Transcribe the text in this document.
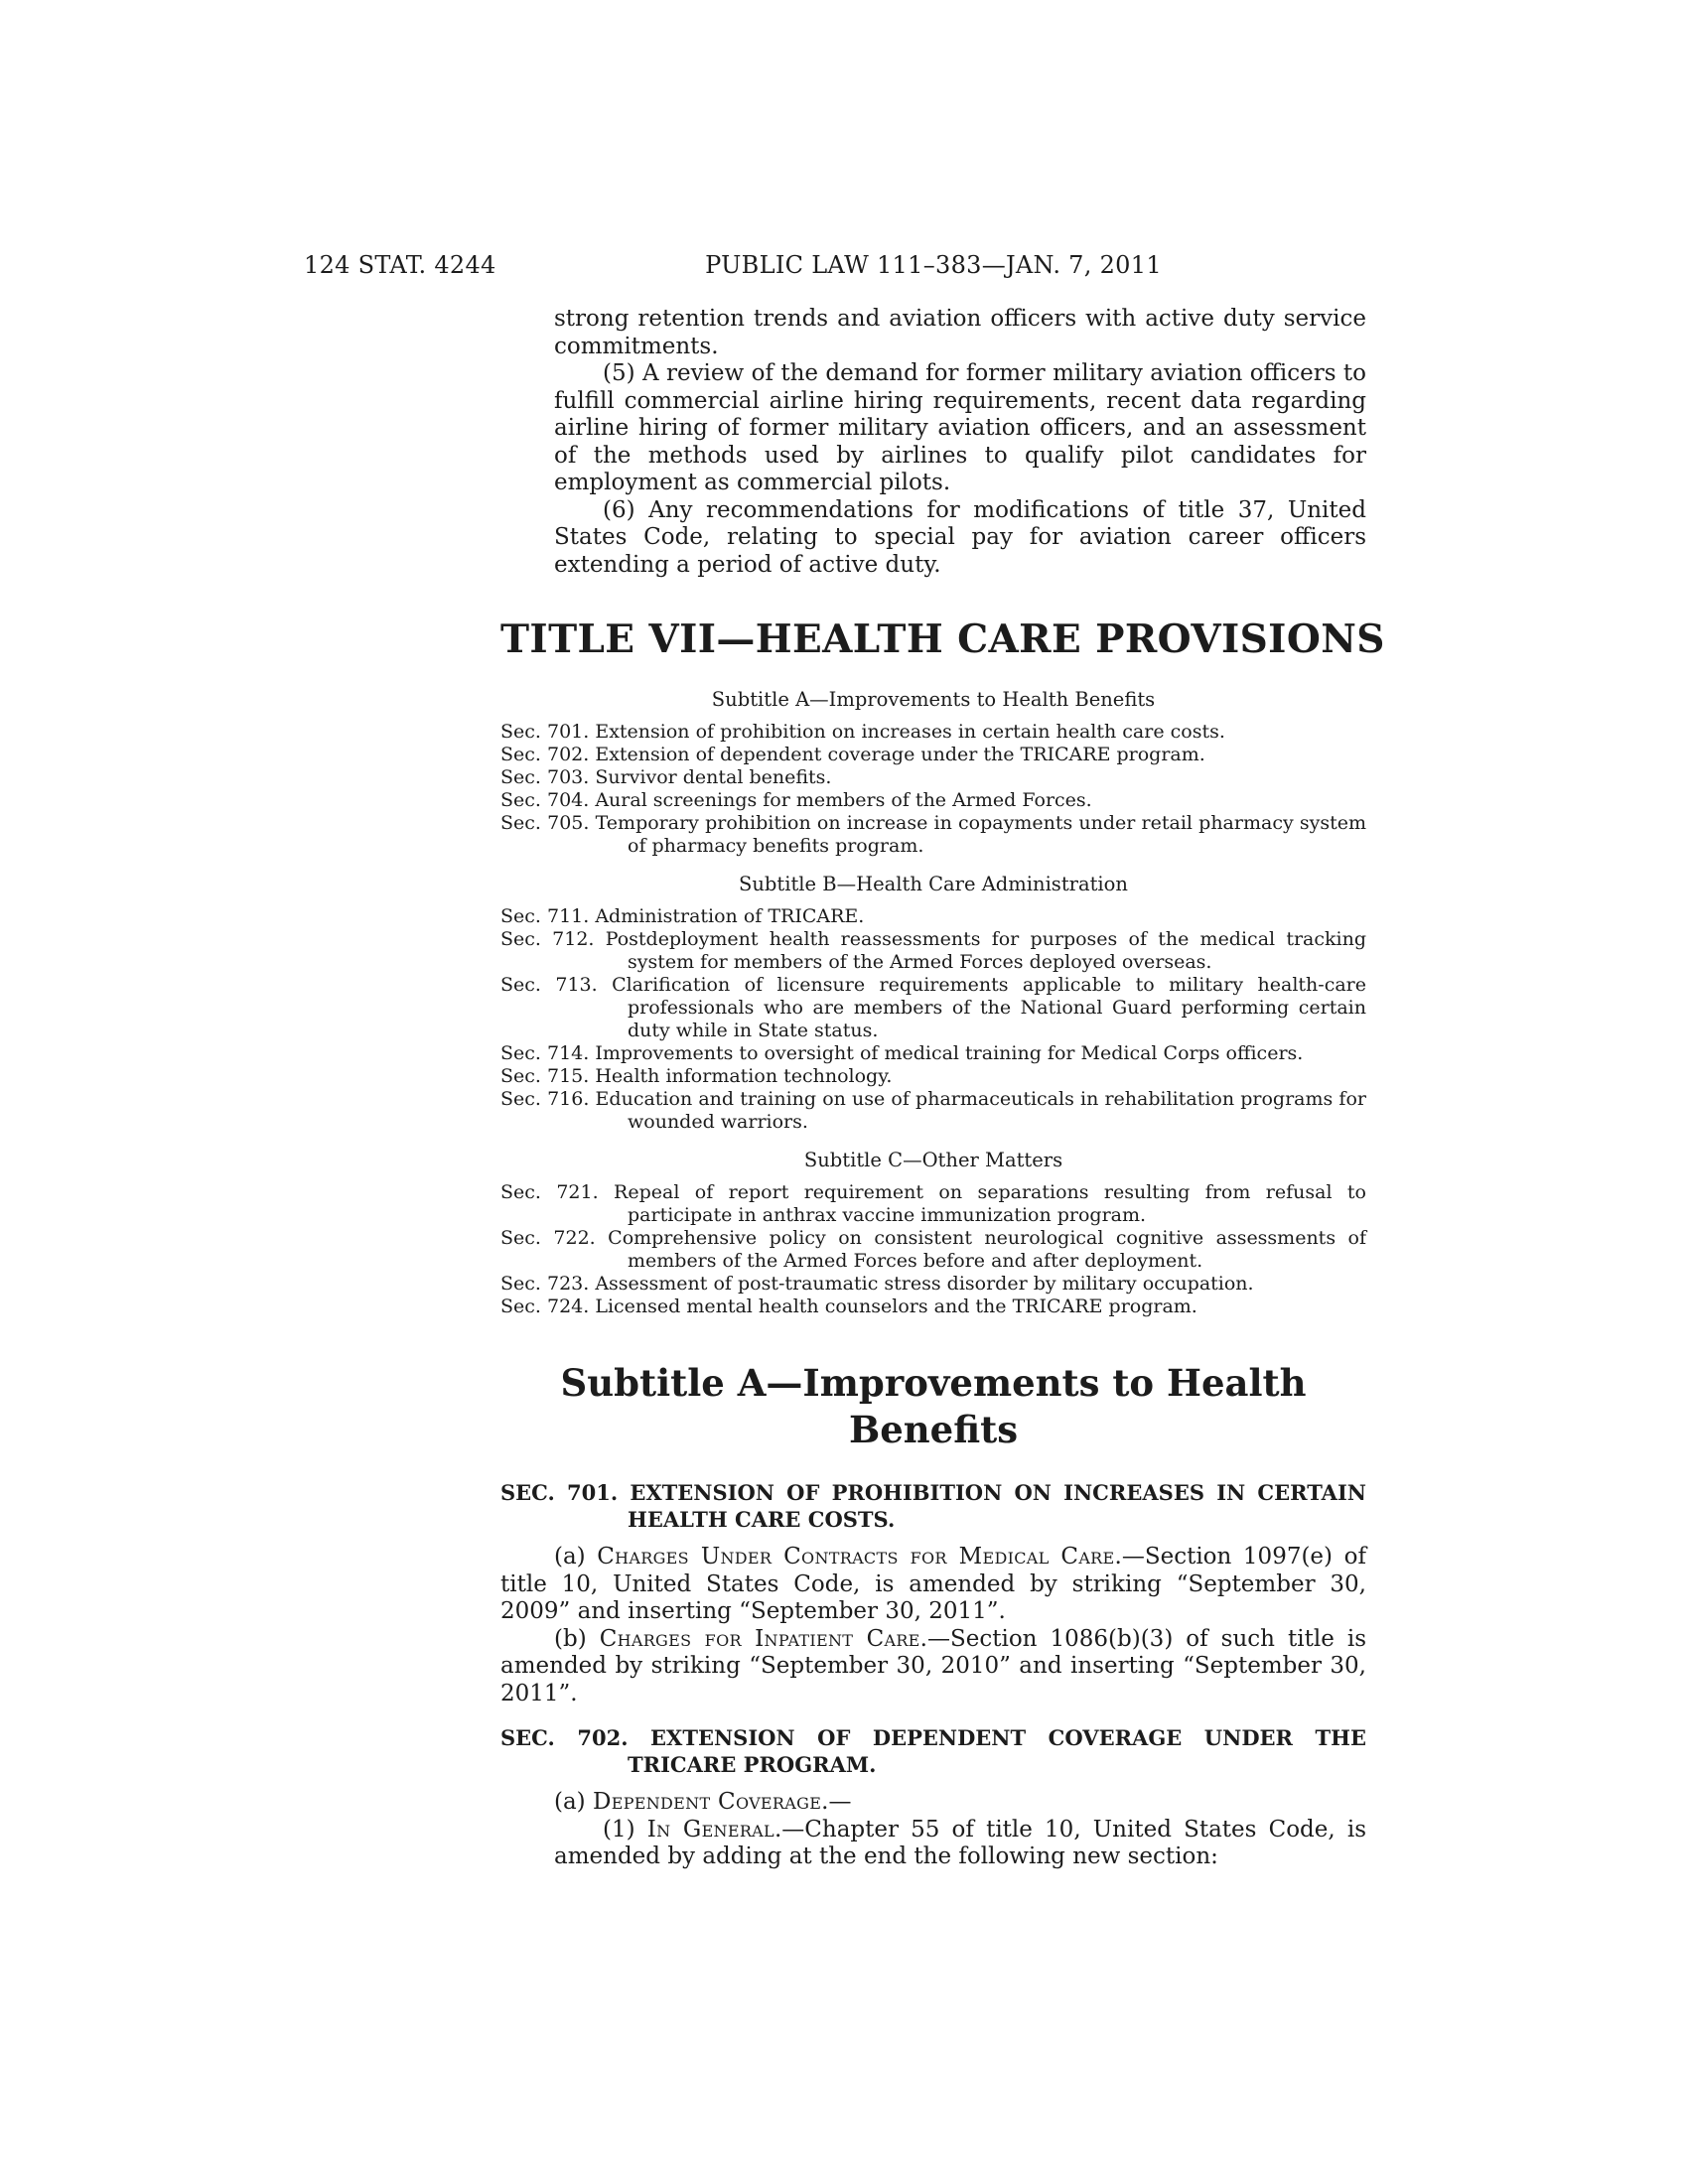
124 STAT. 4244	PUBLIC LAW 111–383—JAN. 7, 2011

strong retention trends and aviation officers with active duty service commitments.

(5) A review of the demand for former military aviation officers to fulfill commercial airline hiring requirements, recent data regarding airline hiring of former military aviation officers, and an assessment of the methods used by airlines to qualify pilot candidates for employment as commercial pilots.

(6) Any recommendations for modifications of title 37, United States Code, relating to special pay for aviation career officers extending a period of active duty.

TITLE VII—HEALTH CARE PROVISIONS
Subtitle A—Improvements to Health Benefits
Sec. 701. Extension of prohibition on increases in certain health care costs.
Sec. 702. Extension of dependent coverage under the TRICARE program.
Sec. 703. Survivor dental benefits.
Sec. 704. Aural screenings for members of the Armed Forces.
Sec. 705. Temporary prohibition on increase in copayments under retail pharmacy system of pharmacy benefits program.
Subtitle B—Health Care Administration
Sec. 711. Administration of TRICARE.
Sec. 712. Postdeployment health reassessments for purposes of the medical tracking system for members of the Armed Forces deployed overseas.
Sec. 713. Clarification of licensure requirements applicable to military health-care professionals who are members of the National Guard performing certain duty while in State status.
Sec. 714. Improvements to oversight of medical training for Medical Corps officers.
Sec. 715. Health information technology.
Sec. 716. Education and training on use of pharmaceuticals in rehabilitation programs for wounded warriors.
Subtitle C—Other Matters
Sec. 721. Repeal of report requirement on separations resulting from refusal to participate in anthrax vaccine immunization program.
Sec. 722. Comprehensive policy on consistent neurological cognitive assessments of members of the Armed Forces before and after deployment.
Sec. 723. Assessment of post-traumatic stress disorder by military occupation.
Sec. 724. Licensed mental health counselors and the TRICARE program.
Subtitle A—Improvements to Health Benefits
SEC. 701. EXTENSION OF PROHIBITION ON INCREASES IN CERTAIN HEALTH CARE COSTS.

(a) Charges Under Contracts for Medical Care.—Section 1097(e) of title 10, United States Code, is amended by striking “September 30, 2009” and inserting “September 30, 2011”.

(b) Charges for Inpatient Care.—Section 1086(b)(3) of such title is amended by striking “September 30, 2010” and inserting “September 30, 2011”.

SEC. 702. EXTENSION OF DEPENDENT COVERAGE UNDER THE TRICARE PROGRAM.

(a) Dependent Coverage.—

(1) In General.—Chapter 55 of title 10, United States Code, is amended by adding at the end the following new section:
